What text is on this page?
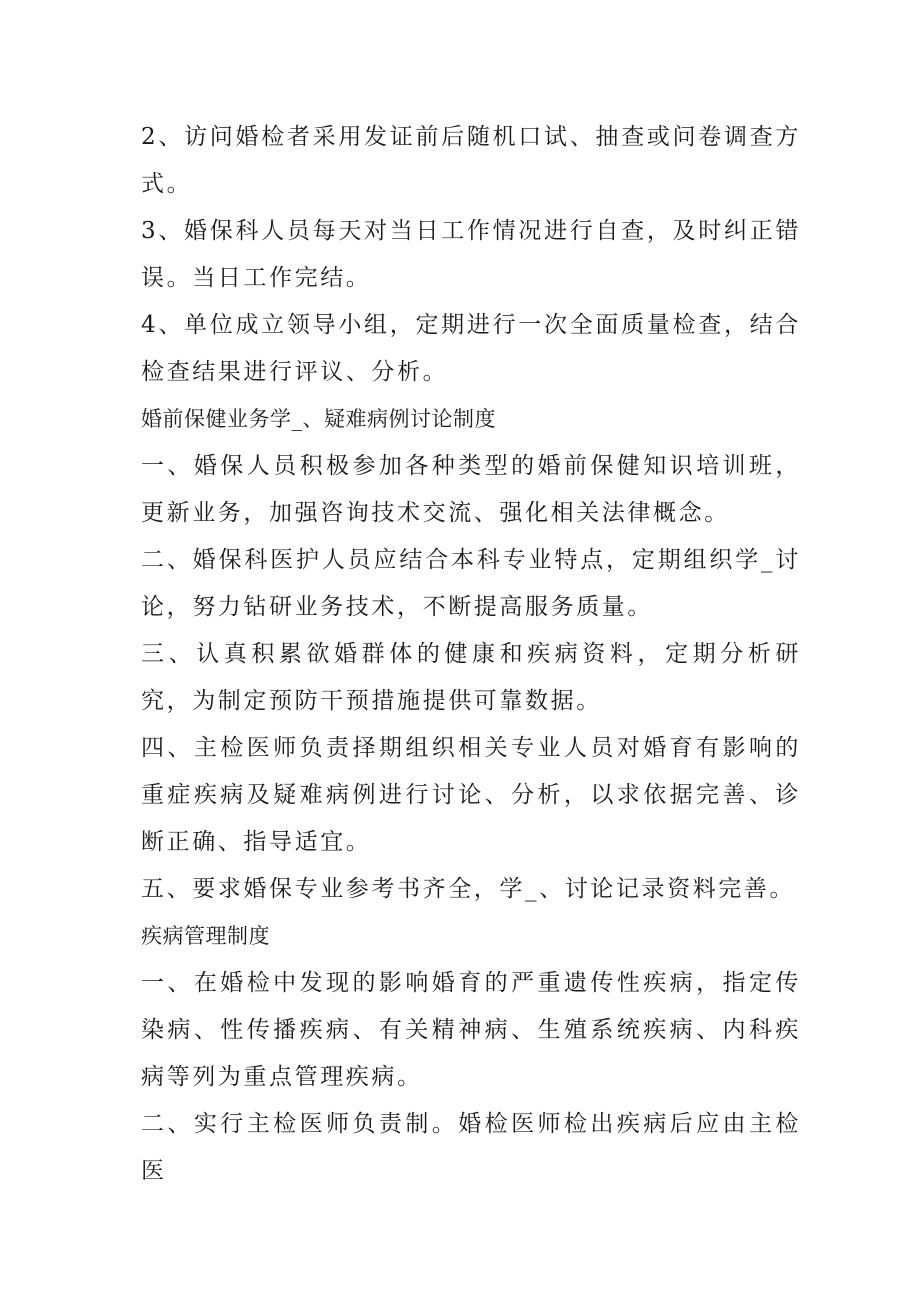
2、访问婚检者采用发证前后随机口试、抽查或问卷调查方式。

3、婚保科人员每天对当日工作情况进行自查，及时纠正错误。当日工作完结。

4、单位成立领导小组，定期进行一次全面质量检查，结合检查结果进行评议、分析。

婚前保健业务学_、疑难病例讨论制度

一、婚保人员积极参加各种类型的婚前保健知识培训班，更新业务，加强咨询技术交流、强化相关法律概念。

二、婚保科医护人员应结合本科专业特点，定期组织学_讨论，努力钻研业务技术，不断提高服务质量。

三、认真积累欲婚群体的健康和疾病资料，定期分析研究，为制定预防干预措施提供可靠数据。

四、主检医师负责择期组织相关专业人员对婚育有影响的重症疾病及疑难病例进行讨论、分析，以求依据完善、诊断正确、指导适宜。

五、要求婚保专业参考书齐全，学_、讨论记录资料完善。

疾病管理制度

一、在婚检中发现的影响婚育的严重遗传性疾病，指定传染病、性传播疾病、有关精神病、生殖系统疾病、内科疾病等列为重点管理疾病。

二、实行主检医师负责制。婚检医师检出疾病后应由主检医
